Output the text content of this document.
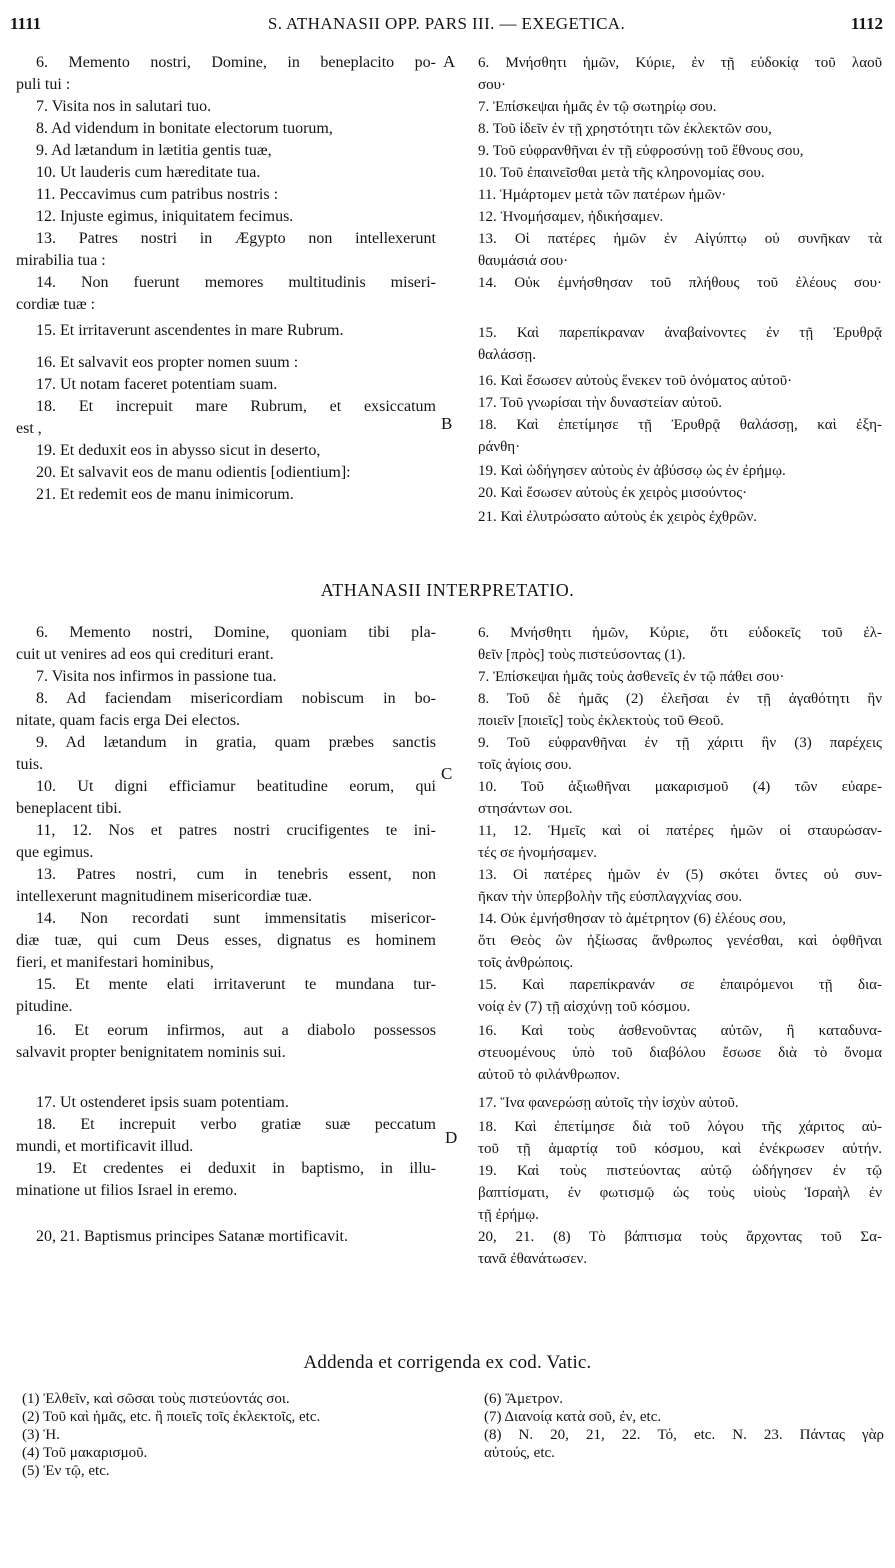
1111	S. ATHANASII OPP. PARS III. — EXEGETICA.	1112
A
B
C
D
6. Memento nostri, Domine, in beneplacito po-
puli tui :
7. Visita nos in salutari tuo.
8. Ad videndum in bonitate electorum tuorum,
9. Ad lætandum in lætitia gentis tuæ,
10. Ut lauderis cum hæreditate tua.
11. Peccavimus cum patribus nostris :
12. Injuste egimus, iniquitatem fecimus.
13. Patres nostri in Ægypto non intellexerunt
mirabilia tua :
14. Non fuerunt memores multitudinis miseri-
cordiæ tuæ :
15. Et irritaverunt ascendentes in mare Rubrum.
16. Et salvavit eos propter nomen suum :
17. Ut notam faceret potentiam suam.
18. Et increpuit mare Rubrum, et exsiccatum
est ,
19. Et deduxit eos in abysso sicut in deserto,
20. Et salvavit eos de manu odientis [odientium]:
21. Et redemit eos de manu inimicorum.
6. Μνήσθητι ἡμῶν, Κύριε, ἐν τῇ εὐδοκίᾳ τοῦ λαοῦ
σου·
7. Ἐπίσκεψαι ἡμᾶς ἐν τῷ σωτηρίῳ σου.
8. Τοῦ ἰδεῖν ἐν τῇ χρηστότητι τῶν ἐκλεκτῶν σου,
9. Τοῦ εὐφρανθῆναι ἐν τῇ εὐφροσύνῃ τοῦ ἔθνους σου,
10. Τοῦ ἐπαινεῖσθαι μετὰ τῆς κληρονομίας σου.
11. Ἡμάρτομεν μετὰ τῶν πατέρων ἡμῶν·
12. Ἠνομήσαμεν, ἠδικήσαμεν.
13. Οἱ πατέρες ἡμῶν ἐν Αἰγύπτῳ οὐ συνῆκαν τὰ
θαυμάσιά σου·
14. Οὐκ ἐμνήσθησαν τοῦ πλήθους τοῦ ἐλέους σου·
15. Καὶ παρεπίκραναν ἀναβαίνοντες ἐν τῇ Ἐρυθρᾷ
θαλάσσῃ.
16. Καὶ ἔσωσεν αὐτοὺς ἕνεκεν τοῦ ὀνόματος αὐτοῦ·
17. Τοῦ γνωρίσαι τὴν δυναστείαν αὐτοῦ.
18. Καὶ ἐπετίμησε τῇ Ἐρυθρᾷ θαλάσσῃ, καὶ ἐξη-
ράνθη·
19. Καὶ ὡδήγησεν αὐτοὺς ἐν ἀβύσσῳ ὡς ἐν ἐρήμῳ.
20. Καὶ ἔσωσεν αὐτοὺς ἐκ χειρὸς μισούντος·
21. Καὶ ἐλυτρώσατο αὐτοὺς ἐκ χειρὸς ἐχθρῶν.
ATHANASII INTERPRETATIO.
6. Memento nostri, Domine, quoniam tibi pla-
cuit ut venires ad eos qui credituri erant.
7. Visita nos infirmos in passione tua.
8. Ad faciendam misericordiam nobiscum in bo-
nitate, quam facis erga Dei electos.
9. Ad lætandum in gratia, quam præbes sanctis
tuis.
10. Ut digni efficiamur beatitudine eorum, qui
beneplacent tibi.
11, 12. Nos et patres nostri crucifigentes te ini-
que egimus.
13. Patres nostri, cum in tenebris essent, non
intellexerunt magnitudinem misericordiæ tuæ.
14. Non recordati sunt immensitatis misericor-
diæ tuæ, qui cum Deus esses, dignatus es hominem
fieri, et manifestari hominibus,
15. Et mente elati irritaverunt te mundana tur-
pitudine.
16. Et eorum infirmos, aut a diabolo possessos
salvavit propter benignitatem nominis sui.
17. Ut ostenderet ipsis suam potentiam.
18. Et increpuit verbo gratiæ suæ peccatum
mundi, et mortificavit illud.
19. Et credentes ei deduxit in baptismo, in illu-
minatione ut filios Israel in eremo.
20, 21. Baptismus principes Satanæ mortificavit.
6. Μνήσθητι ἡμῶν, Κύριε, ὅτι εὐδοκεῖς τοῦ ἐλ-
θεῖν [πρὸς] τοὺς πιστεύσοντας (1).
7. Ἐπίσκεψαι ἡμᾶς τοὺς ἀσθενεῖς ἐν τῷ πάθει σου·
8. Τοῦ δὲ ἡμᾶς (2) ἐλεῆσαι ἐν τῇ ἀγαθότητι ἣν
ποιεῖν [ποιεῖς] τοὺς ἐκλεκτοὺς τοῦ Θεοῦ.
9. Τοῦ εὐφρανθῆναι ἐν τῇ χάριτι ἣν (3) παρέχεις
τοῖς ἁγίοις σου.
10. Τοῦ ἀξιωθῆναι μακαρισμοῦ (4) τῶν εὐαρε-
στησάντων σοι.
11, 12. Ἡμεῖς καὶ οἱ πατέρες ἡμῶν οἱ σταυρώσαν-
τές σε ἠνομήσαμεν.
13. Οἱ πατέρες ἡμῶν ἐν (5) σκότει ὄντες οὐ συν-
ῆκαν τὴν ὑπερβολὴν τῆς εὐσπλαγχνίας σου.
14. Οὐκ ἐμνήσθησαν τὸ ἀμέτρητον (6) ἐλέους σου,
ὅτι Θεὸς ὢν ἠξίωσας ἄνθρωπος γενέσθαι, καὶ ὀφθῆναι
τοῖς ἀνθρώποις.
15. Καὶ παρεπίκρανάν σε ἐπαιρόμενοι τῇ δια-
νοίᾳ ἐν (7) τῇ αἰσχύνῃ τοῦ κόσμου.
16. Καὶ τοὺς ἀσθενοῦντας αὐτῶν, ἢ καταδυνα-
στευομένους ὑπὸ τοῦ διαβόλου ἔσωσε διὰ τὸ ὄνομα
αὐτοῦ τὸ φιλάνθρωπον.
17. Ἵνα φανερώσῃ αὐτοῖς τὴν ἰσχὺν αὐτοῦ.
18. Καὶ ἐπετίμησε διὰ τοῦ λόγου τῆς χάριτος αὐ-
τοῦ τῇ ἁμαρτίᾳ τοῦ κόσμου, καὶ ἐνέκρωσεν αὐτήν.
19. Καὶ τοὺς πιστεύοντας αὐτῷ ὡδήγησεν ἐν τῷ
βαπτίσματι, ἐν φωτισμῷ ὡς τοὺς υἱοὺς Ἰσραὴλ ἐν
τῇ ἐρήμῳ.
20, 21. (8) Τὸ βάπτισμα τοὺς ἄρχοντας τοῦ Σα-
τανᾶ ἐθανάτωσεν.
Addenda et corrigenda ex cod. Vatic.
(1) Ἐλθεῖν, καὶ σῶσαι τοὺς πιστεύοντάς σοι.
(2) Τοῦ καὶ ἡμᾶς, etc. ἢ ποιεῖς τοῖς ἐκλεκτοῖς, etc.
(3) Ἡ.
(4) Τοῦ μακαρισμοῦ.
(5) Ἐν τῷ, etc.
(6) Ἄμετρον.
(7) Διανοίᾳ κατὰ σοῦ, ἐν, etc.
(8) N. 20, 21, 22. Τό, etc. N. 23. Πάντας γὰρ
αὐτούς, etc.
